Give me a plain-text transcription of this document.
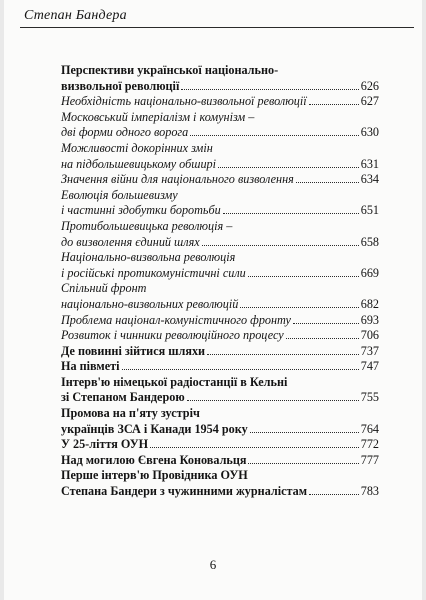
Степан Бандера
Перспективи української національно-
визвольної революції	626
Необхідність національно-визвольної революції	627
Московський імперіалізм і комунізм –
дві форми одного ворога	630
Можливості докорінних змін
на підбольшевицькому обширі	631
Значення війни для національного визволення	634
Еволюція большевизму
і частинні здобутки боротьби	651
Протибольшевицька революція –
до визволення єдиний шлях	658
Національно-визвольна революція
і російські протикомуністичні сили	669
Спільний фронт
національно-визвольних революцій	682
Проблема націонал-комуністичного фронту	693
Розвиток і чинники революційного процесу	706
Де повинні зійтися шляхи	737
На півметі	747
Інтерв'ю німецької радіостанції в Кельні
зі Степаном Бандерою	755
Промова на п'яту зустріч
українців ЗСА і Канади 1954 року	764
У 25-ліття ОУН	772
Над могилою Євгена Коновальця	777
Перше інтерв'ю Провідника ОУН
Степана Бандери з чужинними журналістам	783
6
